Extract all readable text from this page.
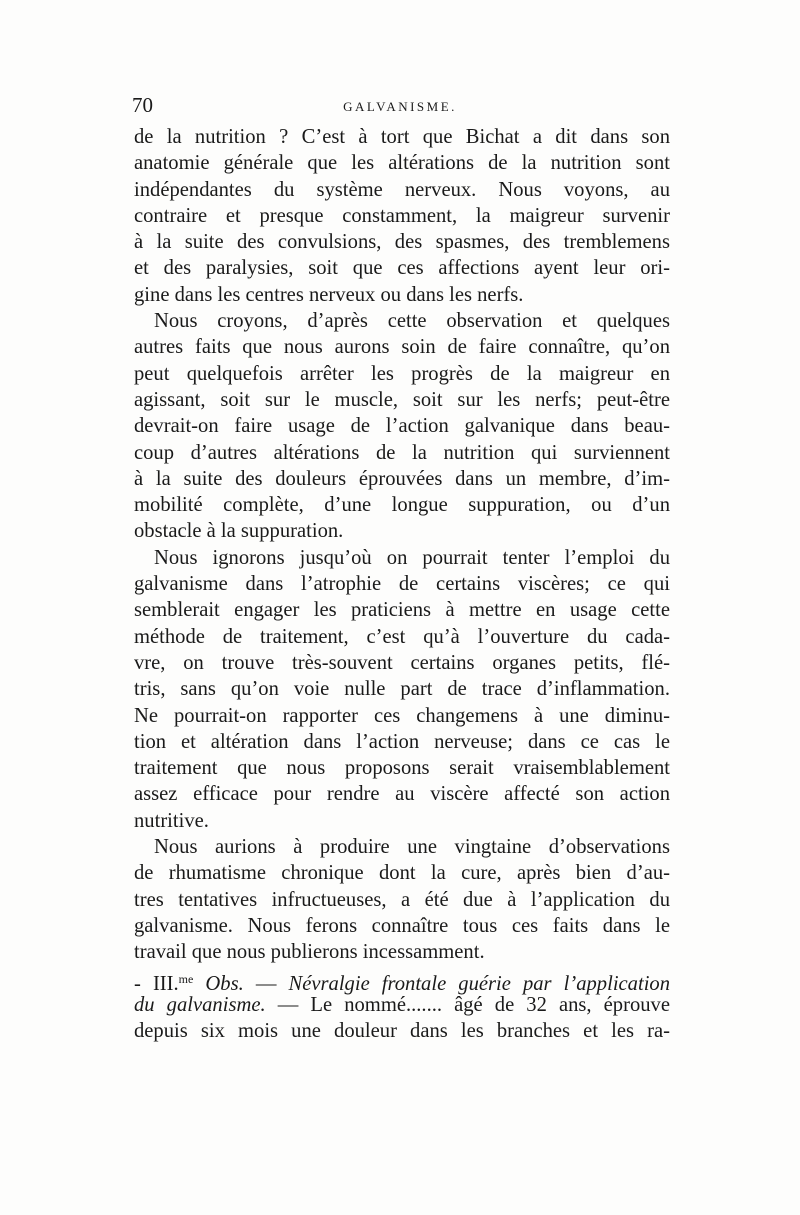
70	GALVANISME.
de la nutrition ? C’est à tort que Bichat a dit dans son
anatomie générale que les altérations de la nutrition sont
indépendantes du système nerveux. Nous voyons, au
contraire et presque constamment, la maigreur survenir
à la suite des convulsions, des spasmes, des tremblemens
et des paralysies, soit que ces affections ayent leur ori-
gine dans les centres nerveux ou dans les nerfs.
Nous croyons, d’après cette observation et quelques
autres faits que nous aurons soin de faire connaître, qu’on
peut quelquefois arrêter les progrès de la maigreur en
agissant, soit sur le muscle, soit sur les nerfs; peut-être
devrait-on faire usage de l’action galvanique dans beau-
coup d’autres altérations de la nutrition qui surviennent
à la suite des douleurs éprouvées dans un membre, d’im-
mobilité complète, d’une longue suppuration, ou d’un
obstacle à la suppuration.
Nous ignorons jusqu’où on pourrait tenter l’emploi du
galvanisme dans l’atrophie de certains viscères; ce qui
semblerait engager les praticiens à mettre en usage cette
méthode de traitement, c’est qu’à l’ouverture du cada-
vre, on trouve très-souvent certains organes petits, flé-
tris, sans qu’on voie nulle part de trace d’inflammation.
Ne pourrait-on rapporter ces changemens à une diminu-
tion et altération dans l’action nerveuse; dans ce cas le
traitement que nous proposons serait vraisemblablement
assez efficace pour rendre au viscère affecté son action
nutritive.
Nous aurions à produire une vingtaine d’observations
de rhumatisme chronique dont la cure, après bien d’au-
tres tentatives infructueuses, a été due à l’application du
galvanisme. Nous ferons connaître tous ces faits dans le
travail que nous publierons incessamment.
- III.$^{me}$ Obs. — Névralgie frontale guérie par l’application
du galvanisme. — Le nommé....... âgé de 32 ans, éprouve
depuis six mois une douleur dans les branches et les ra-
